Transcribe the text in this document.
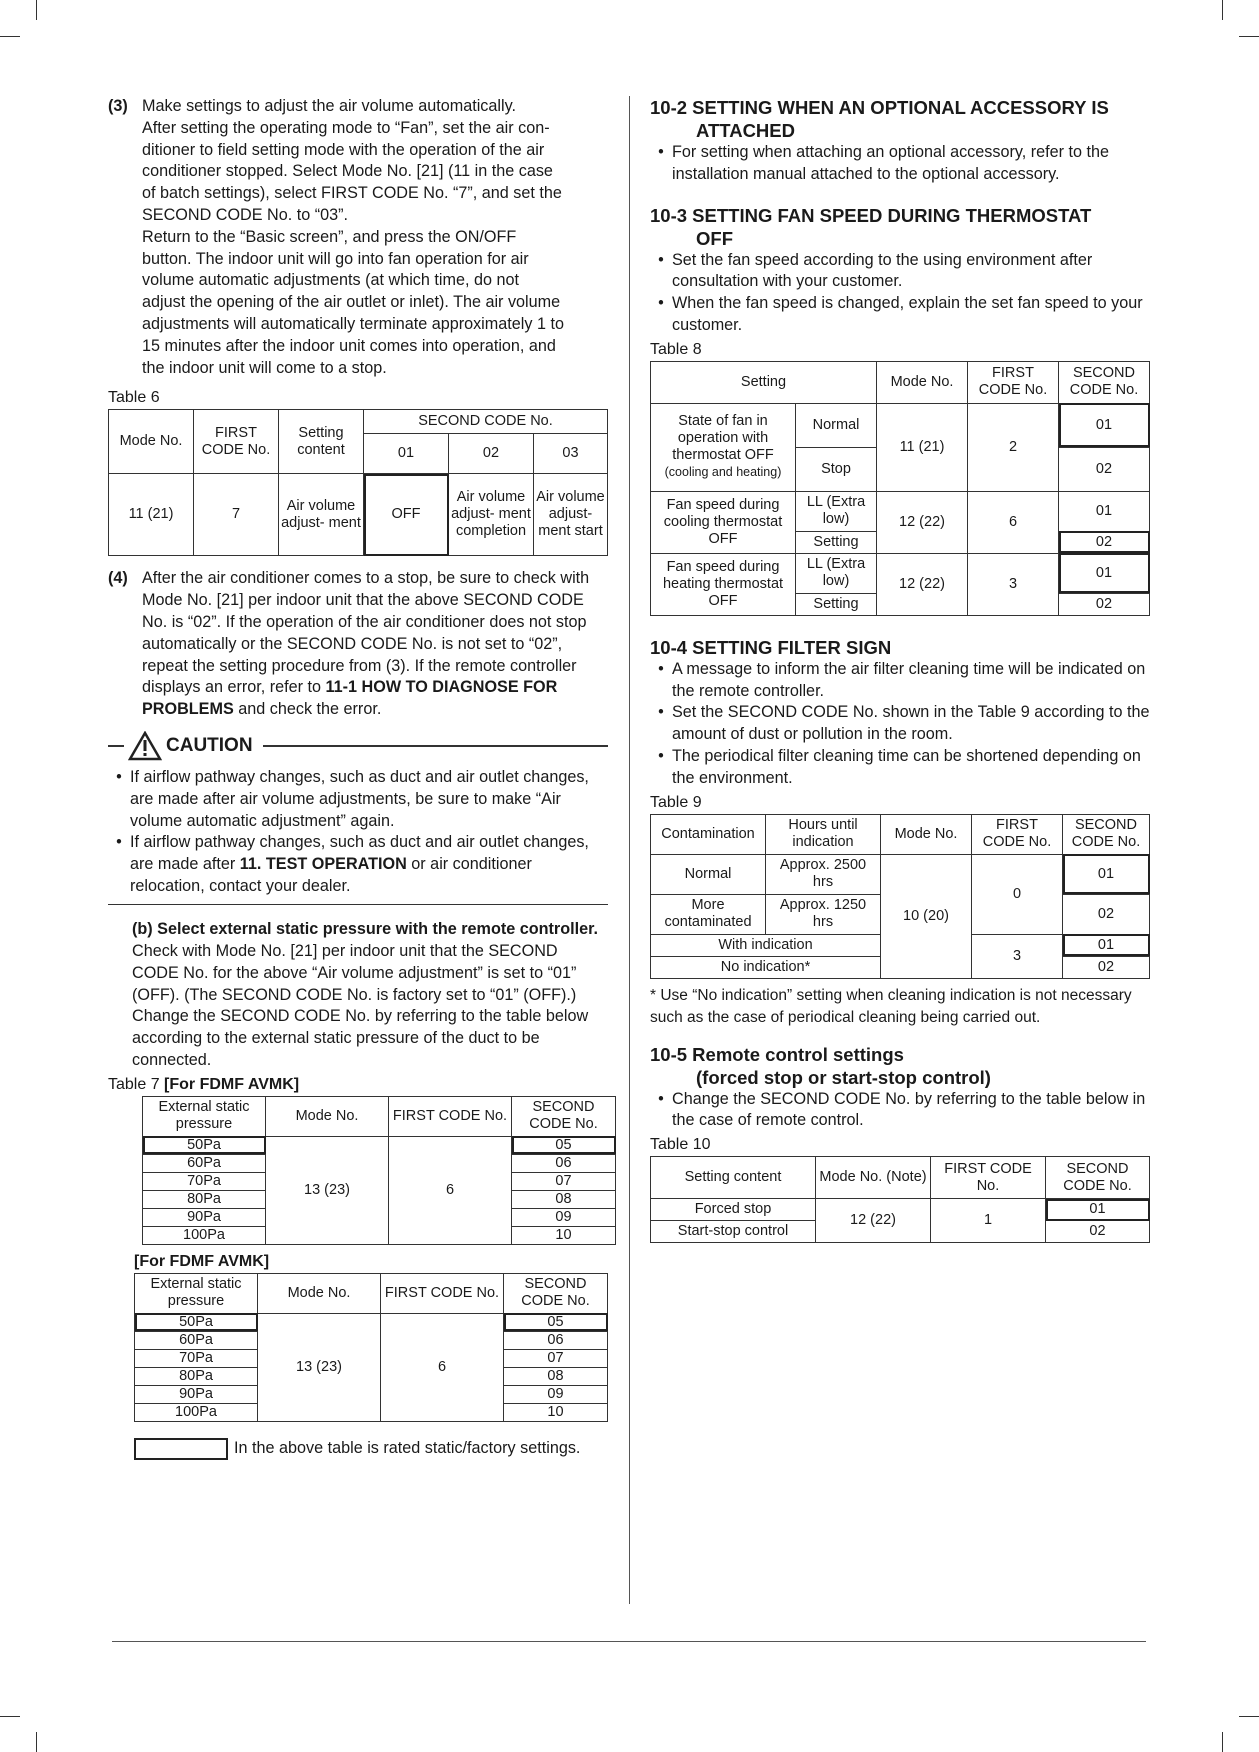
(3) Make settings to adjust the air volume automatically.
After setting the operating mode to “Fan”, set the air con-
ditioner to field setting mode with the operation of the air
conditioner stopped. Select Mode No. [21] (11 in the case
of batch settings), select FIRST CODE No. “7”, and set the
SECOND CODE No. to “03”.
Return to the “Basic screen”, and press the ON/OFF
button. The indoor unit will go into fan operation for air
volume automatic adjustments (at which time, do not
adjust the opening of the air outlet or inlet). The air volume
adjustments will automatically terminate approximately 1 to
15 minutes after the indoor unit comes into operation, and
the indoor unit will come to a stop.
Table 6
Mode No.	FIRST CODE No.	Setting content	SECOND CODE No.		
			01	02	03
11 (21)	7	Air volume adjust- ment	OFF	Air volume adjust- ment completion	Air volume adjust- ment start
(4) After the air conditioner comes to a stop, be sure to check with Mode No. [21] per indoor unit that the above SECOND CODE No. is “02”. If the operation of the air conditioner does not stop automatically or the SECOND CODE No. is not set to “02”, repeat the setting procedure from (3). If the remote controller displays an error, refer to 11-1 HOW TO DIAGNOSE FOR PROBLEMS and check the error.
CAUTION
• If airflow pathway changes, such as duct and air outlet changes, are made after air volume adjustments, be sure to make “Air volume automatic adjustment” again.
• If airflow pathway changes, such as duct and air outlet changes, are made after 11. TEST OPERATION or air conditioner relocation, contact your dealer.
(b) Select external static pressure with the remote controller.
Check with Mode No. [21] per indoor unit that the SECOND CODE No. for the above “Air volume adjustment” is set to “01” (OFF). (The SECOND CODE No. is factory set to “01” (OFF).) Change the SECOND CODE No. by referring to the table below according to the external static pressure of the duct to be connected.
Table 7 [For FDMF AVMK]
External static pressure	Mode No.	FIRST CODE No.	SECOND CODE No.
50Pa	13 (23)	6	05
60Pa			06
70Pa			07
80Pa			08
90Pa			09
100Pa			10
[For FDMF AVMK]
External static pressure	Mode No.	FIRST CODE No.	SECOND CODE No.
50Pa	13 (23)	6	05
60Pa			06
70Pa			07
80Pa			08
90Pa			09
100Pa			10
In the above table is rated static/factory settings.
10-2 SETTING WHEN AN OPTIONAL ACCESSORY IS
ATTACHED
• For setting when attaching an optional accessory, refer to the installation manual attached to the optional accessory.
10-3 SETTING FAN SPEED DURING THERMOSTAT
OFF
• Set the fan speed according to the using environment after consultation with your customer.
• When the fan speed is changed, explain the set fan speed to your customer.
Table 8
Setting		Mode No.	FIRST CODE No.	SECOND CODE No.
State of fan in operation with thermostat OFF
(cooling and heating)	Normal	11 (21)	2	01
	Stop			02
Fan speed during cooling thermostat OFF	LL (Extra low)	12 (22)	6	01
	Setting			02
Fan speed during heating thermostat OFF	LL (Extra low)	12 (22)	3	01
	Setting			02
10-4 SETTING FILTER SIGN
• A message to inform the air filter cleaning time will be indicated on the remote controller.
• Set the SECOND CODE No. shown in the Table 9 according to the amount of dust or pollution in the room.
• The periodical filter cleaning time can be shortened depending on the environment.
Table 9
Contamination	Hours until indication	Mode No.	FIRST CODE No.	SECOND CODE No.
Normal	Approx. 2500 hrs	10 (20)	0	01
More contaminated	Approx. 1250 hrs			02
With indication			3	01
No indication*				02
* Use “No indication” setting when cleaning indication is not necessary such as the case of periodical cleaning being carried out.
10-5 Remote control settings
(forced stop or start-stop control)
• Change the SECOND CODE No. by referring to the table below in the case of remote control.
Table 10
Setting content	Mode No. (Note)	FIRST CODE No.	SECOND CODE No.
Forced stop	12 (22)	1	01
Start-stop control			02
